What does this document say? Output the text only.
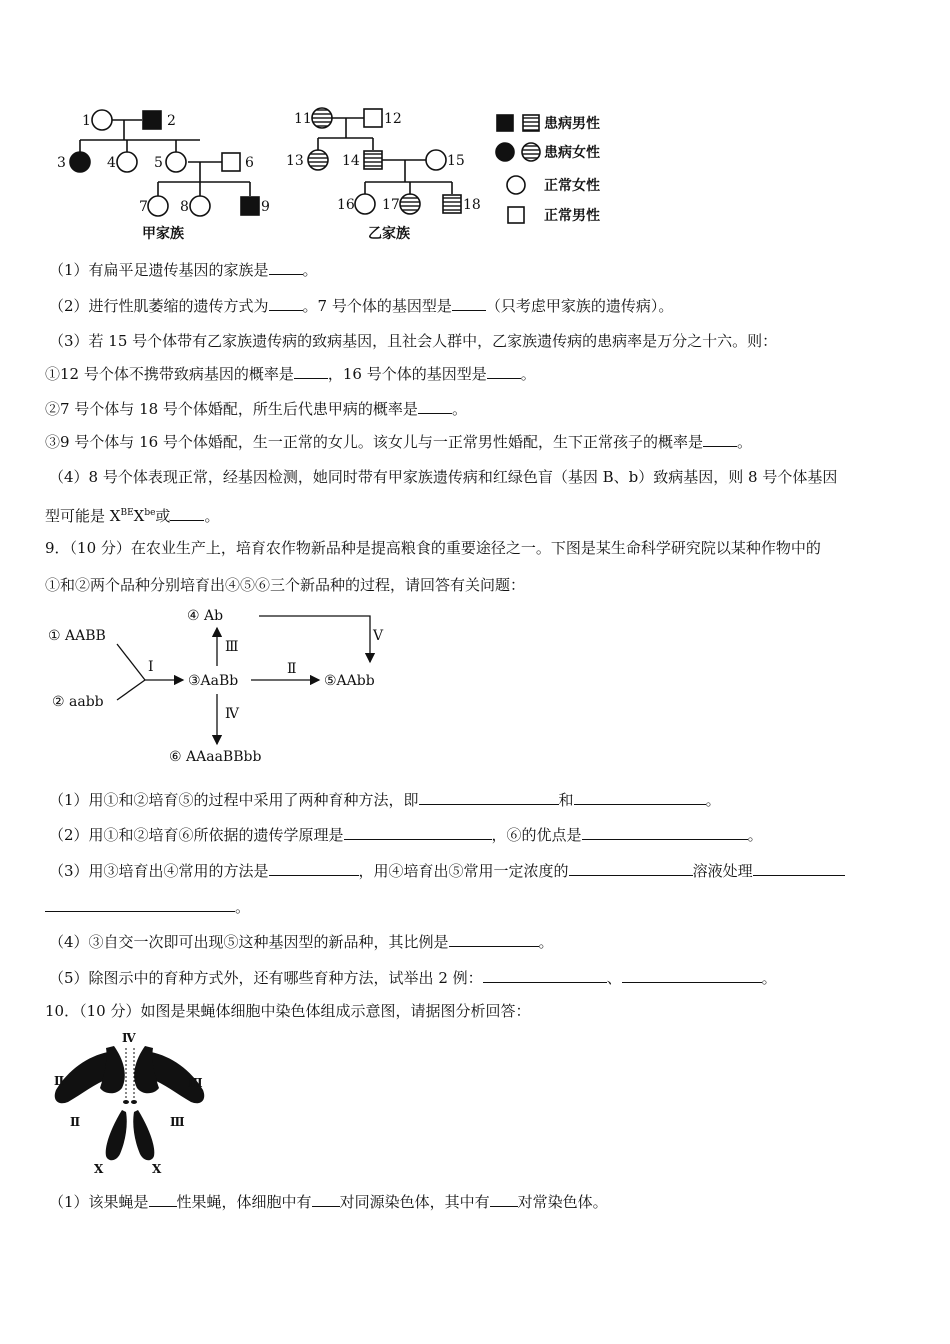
1	2
3	4	5	6
7 8	9
11	12
13	14	15
16 17	18
甲家族	乙家族
患病男性
患病女性
正常女性
正常男性
（1）有扁平足遗传基因的家族是 。
（2）进行性肌萎缩的遗传方式为 。7 号个体的基因型是 （只考虑甲家族的遗传病）。
（3）若 15 号个体带有乙家族遗传病的致病基因，且社会人群中，乙家族遗传病的患病率是万分之十六。则：
①12 号个体不携带致病基因的概率是 ，16 号个体的基因型是 。
②7 号个体与 18 号个体婚配，所生后代患甲病的概率是 。
③9 号个体与 16 号个体婚配，生一正常的女儿。该女儿与一正常男性婚配，生下正常孩子的概率是 。
（4）8 号个体表现正常，经基因检测，她同时带有甲家族遗传病和红绿色盲（基因 B、b）致病基因，则 8 号个体基因
型可能是 $X^{BE}X^{be}$或 。
9．（10 分）在农业生产上，培育农作物新品种是提高粮食的重要途径之一。下图是某生命科学研究院以某种作物中的
①和②两个品种分别培育出④⑤⑥三个新品种的过程，请回答有关问题：
① AABB
② aabb
③AaBb
④ Ab
⑤AAbb
⑥ AAaaBBbb
Ⅰ	Ⅱ
Ⅲ
Ⅳ
Ⅴ
（1）用①和②培育⑤的过程中采用了两种育种方法，即	和	。
（2）用①和②培育⑥所依据的遗传学原理是	，⑥的优点是	。
（3）用③培育出④常用的方法是	，用④培育出⑤常用一定浓度的	溶液处理
。
（4）③自交一次即可出现⑤这种基因型的新品种，其比例是	。
（5）除图示中的育种方式外，还有哪些育种方法，试举出 2 例：	、	。
10．（10 分）如图是果蝇体细胞中染色体组成示意图，请据图分析回答：
Ⅳ
Ⅱ
Ⅱ
Ⅲ
Ⅲ
X	X
（1）该果蝇是 性果蝇，体细胞中有 对同源染色体，其中有 对常染色体。
